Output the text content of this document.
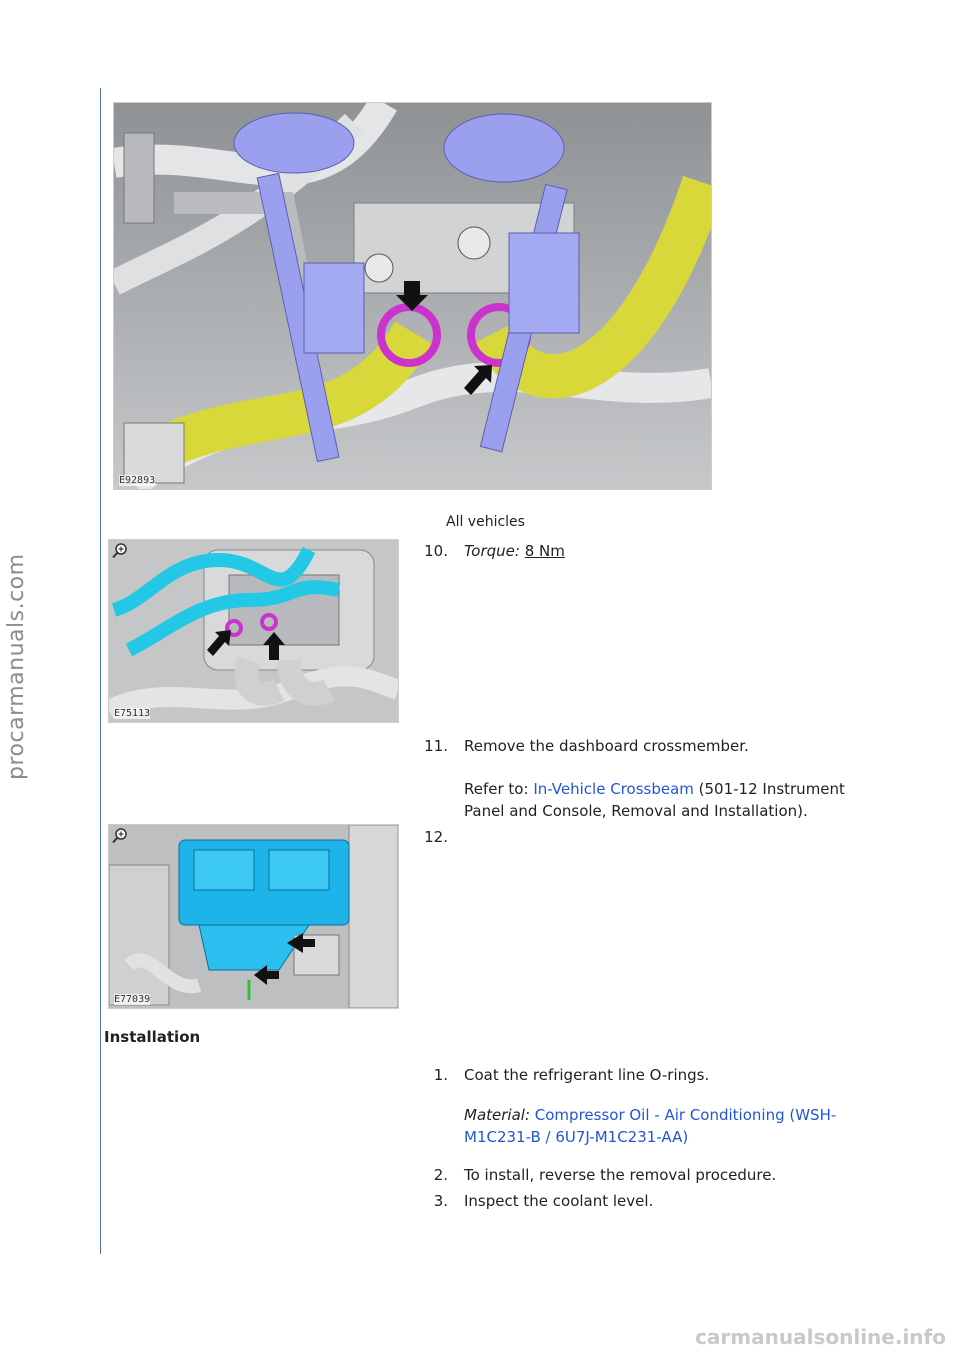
procarmanuals.com
E92893
All vehicles
E75113
10. Torque: 8 Nm
11. Remove the dashboard crossmember.
Refer to: In-Vehicle Crossbeam (501-12 Instrument
Panel and Console, Removal and Installation).
E77039
12.
Installation
1. Coat the refrigerant line O-rings.
Material: Compressor Oil - Air Conditioning (WSH-
M1C231-B / 6U7J-M1C231-AA)
2. To install, reverse the removal procedure.
3. Inspect the coolant level.
carmanualsonline.info
